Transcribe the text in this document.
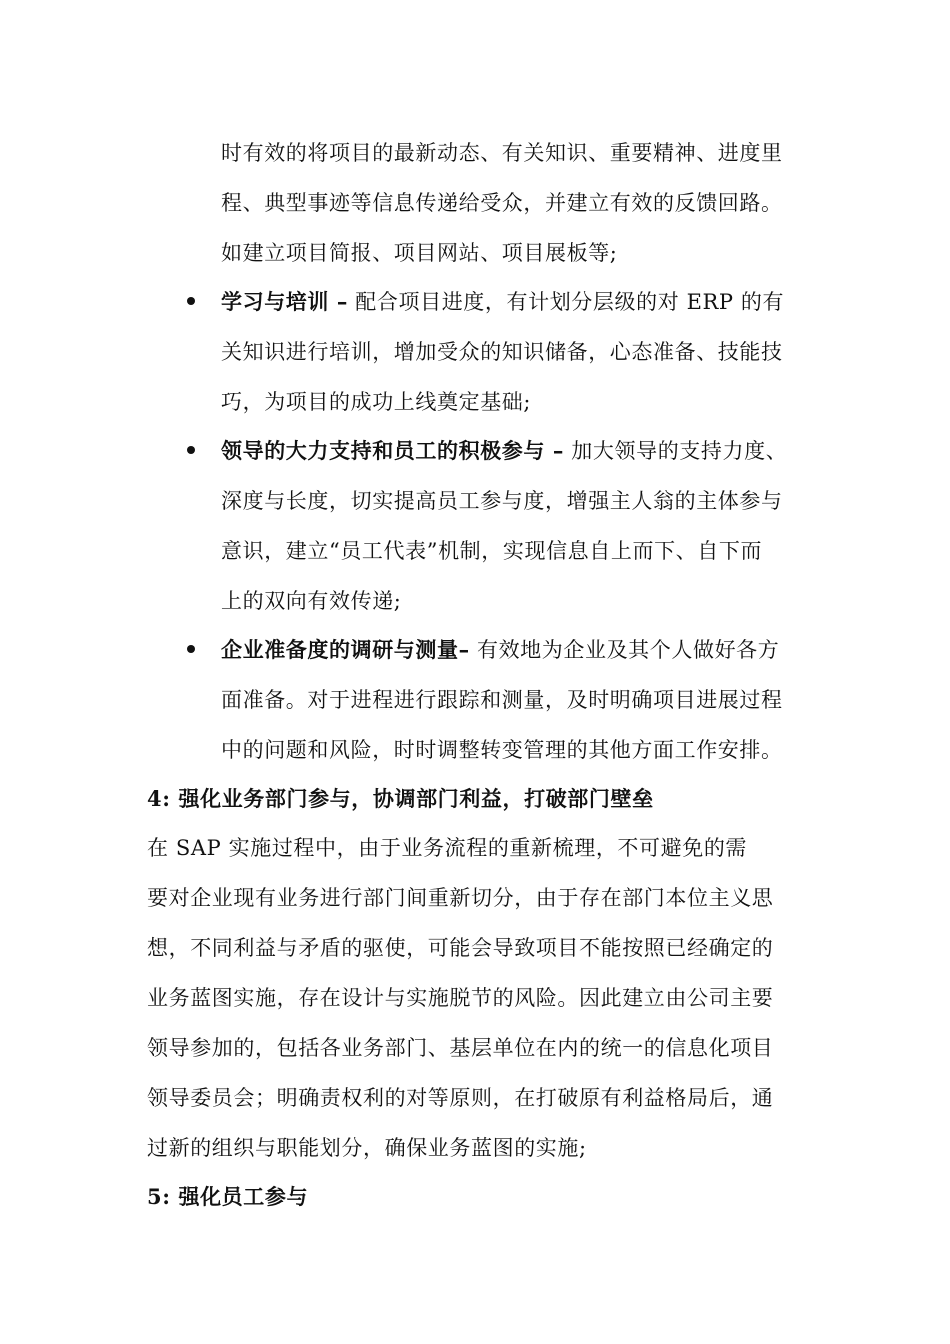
时有效的将项目的最新动态、有关知识、重要精神、进度里
程、典型事迹等信息传递给受众，并建立有效的反馈回路。
如建立项目简报、项目网站、项目展板等;
学习与培训 – 配合项目进度，有计划分层级的对 ERP 的有
关知识进行培训，增加受众的知识储备，心态准备、技能技
巧，为项目的成功上线奠定基础;
领导的大力支持和员工的积极参与 – 加大领导的支持力度、
深度与长度，切实提高员工参与度，增强主人翁的主体参与
意识，建立“员工代表”机制，实现信息自上而下、自下而
上的双向有效传递;
企业准备度的调研与测量– 有效地为企业及其个人做好各方
面准备。对于进程进行跟踪和测量，及时明确项目进展过程
中的问题和风险，时时调整转变管理的其他方面工作安排。
4: 强化业务部门参与，协调部门利益，打破部门壁垒
在 SAP 实施过程中，由于业务流程的重新梳理，不可避免的需
要对企业现有业务进行部门间重新切分，由于存在部门本位主义思
想，不同利益与矛盾的驱使，可能会导致项目不能按照已经确定的
业务蓝图实施，存在设计与实施脱节的风险。因此建立由公司主要
领导参加的，包括各业务部门、基层单位在内的统一的信息化项目
领导委员会；明确责权利的对等原则，在打破原有利益格局后，通
过新的组织与职能划分，确保业务蓝图的实施;
5: 强化员工参与
